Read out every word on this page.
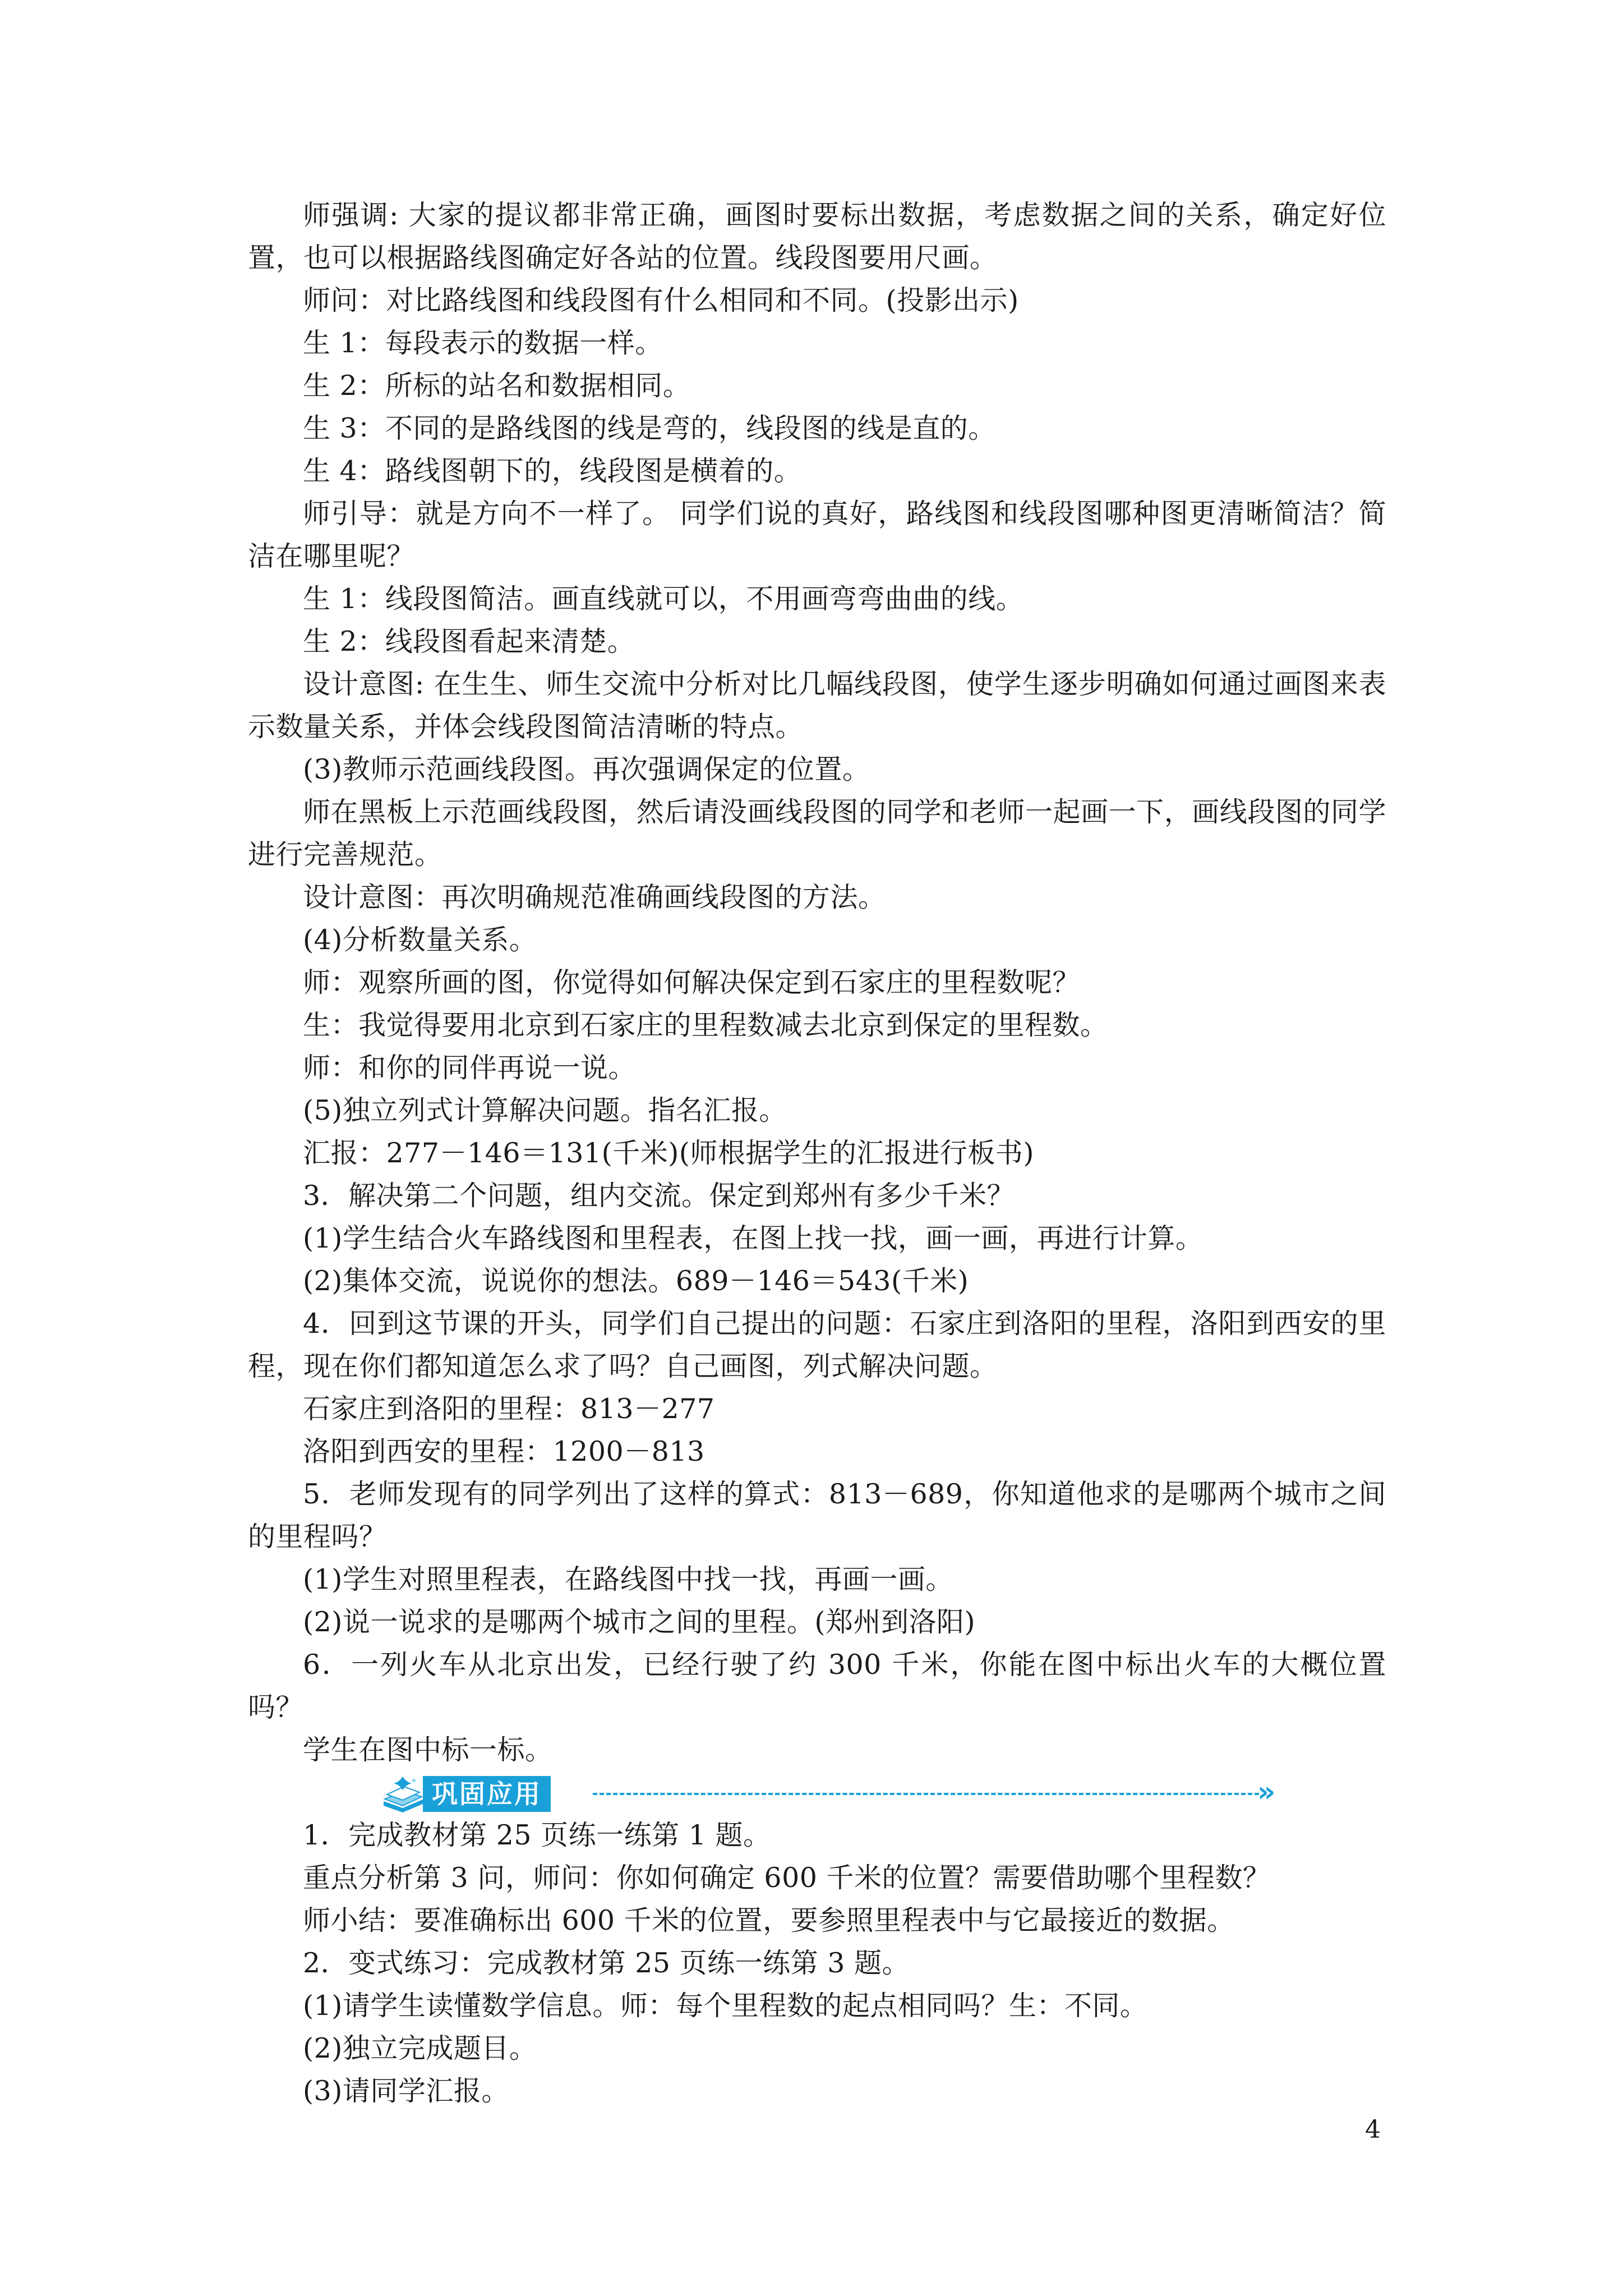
师强调: 大家的提议都非常正确，画图时要标出数据，考虑数据之间的关系，确定好位置，也可以根据路线图确定好各站的位置。线段图要用尺画。

师问：对比路线图和线段图有什么相同和不同。(投影出示)

生 1：每段表示的数据一样。

生 2：所标的站名和数据相同。

生 3：不同的是路线图的线是弯的，线段图的线是直的。

生 4：路线图朝下的，线段图是横着的。

师引导：就是方向不一样了。 同学们说的真好，路线图和线段图哪种图更清晰简洁？简洁在哪里呢？

生 1：线段图简洁。画直线就可以，不用画弯弯曲曲的线。

生 2：线段图看起来清楚。

设计意图: 在生生、师生交流中分析对比几幅线段图，使学生逐步明确如何通过画图来表示数量关系，并体会线段图简洁清晰的特点。

(3)教师示范画线段图。再次强调保定的位置。

师在黑板上示范画线段图，然后请没画线段图的同学和老师一起画一下，画线段图的同学进行完善规范。

设计意图：再次明确规范准确画线段图的方法。

(4)分析数量关系。

师：观察所画的图，你觉得如何解决保定到石家庄的里程数呢？

生：我觉得要用北京到石家庄的里程数减去北京到保定的里程数。

师：和你的同伴再说一说。

(5)独立列式计算解决问题。指名汇报。

汇报：277－146＝131(千米)(师根据学生的汇报进行板书)

3．解决第二个问题，组内交流。保定到郑州有多少千米？

(1)学生结合火车路线图和里程表，在图上找一找，画一画，再进行计算。

(2)集体交流，说说你的想法。689－146＝543(千米)

4．回到这节课的开头，同学们自己提出的问题：石家庄到洛阳的里程，洛阳到西安的里程，现在你们都知道怎么求了吗？自己画图，列式解决问题。

石家庄到洛阳的里程：813－277

洛阳到西安的里程：1200－813

5．老师发现有的同学列出了这样的算式：813－689，你知道他求的是哪两个城市之间的里程吗？

(1)学生对照里程表，在路线图中找一找，再画一画。

(2)说一说求的是哪两个城市之间的里程。(郑州到洛阳)

6．一列火车从北京出发，已经行驶了约 300 千米，你能在图中标出火车的大概位置吗？

学生在图中标一标。

巩固应用	»

1．完成教材第 25 页练一练第 1 题。

重点分析第 3 问，师问：你如何确定 600 千米的位置？需要借助哪个里程数？

师小结：要准确标出 600 千米的位置，要参照里程表中与它最接近的数据。

2．变式练习：完成教材第 25 页练一练第 3 题。

(1)请学生读懂数学信息。师：每个里程数的起点相同吗？生：不同。

(2)独立完成题目。

(3)请同学汇报。

4
